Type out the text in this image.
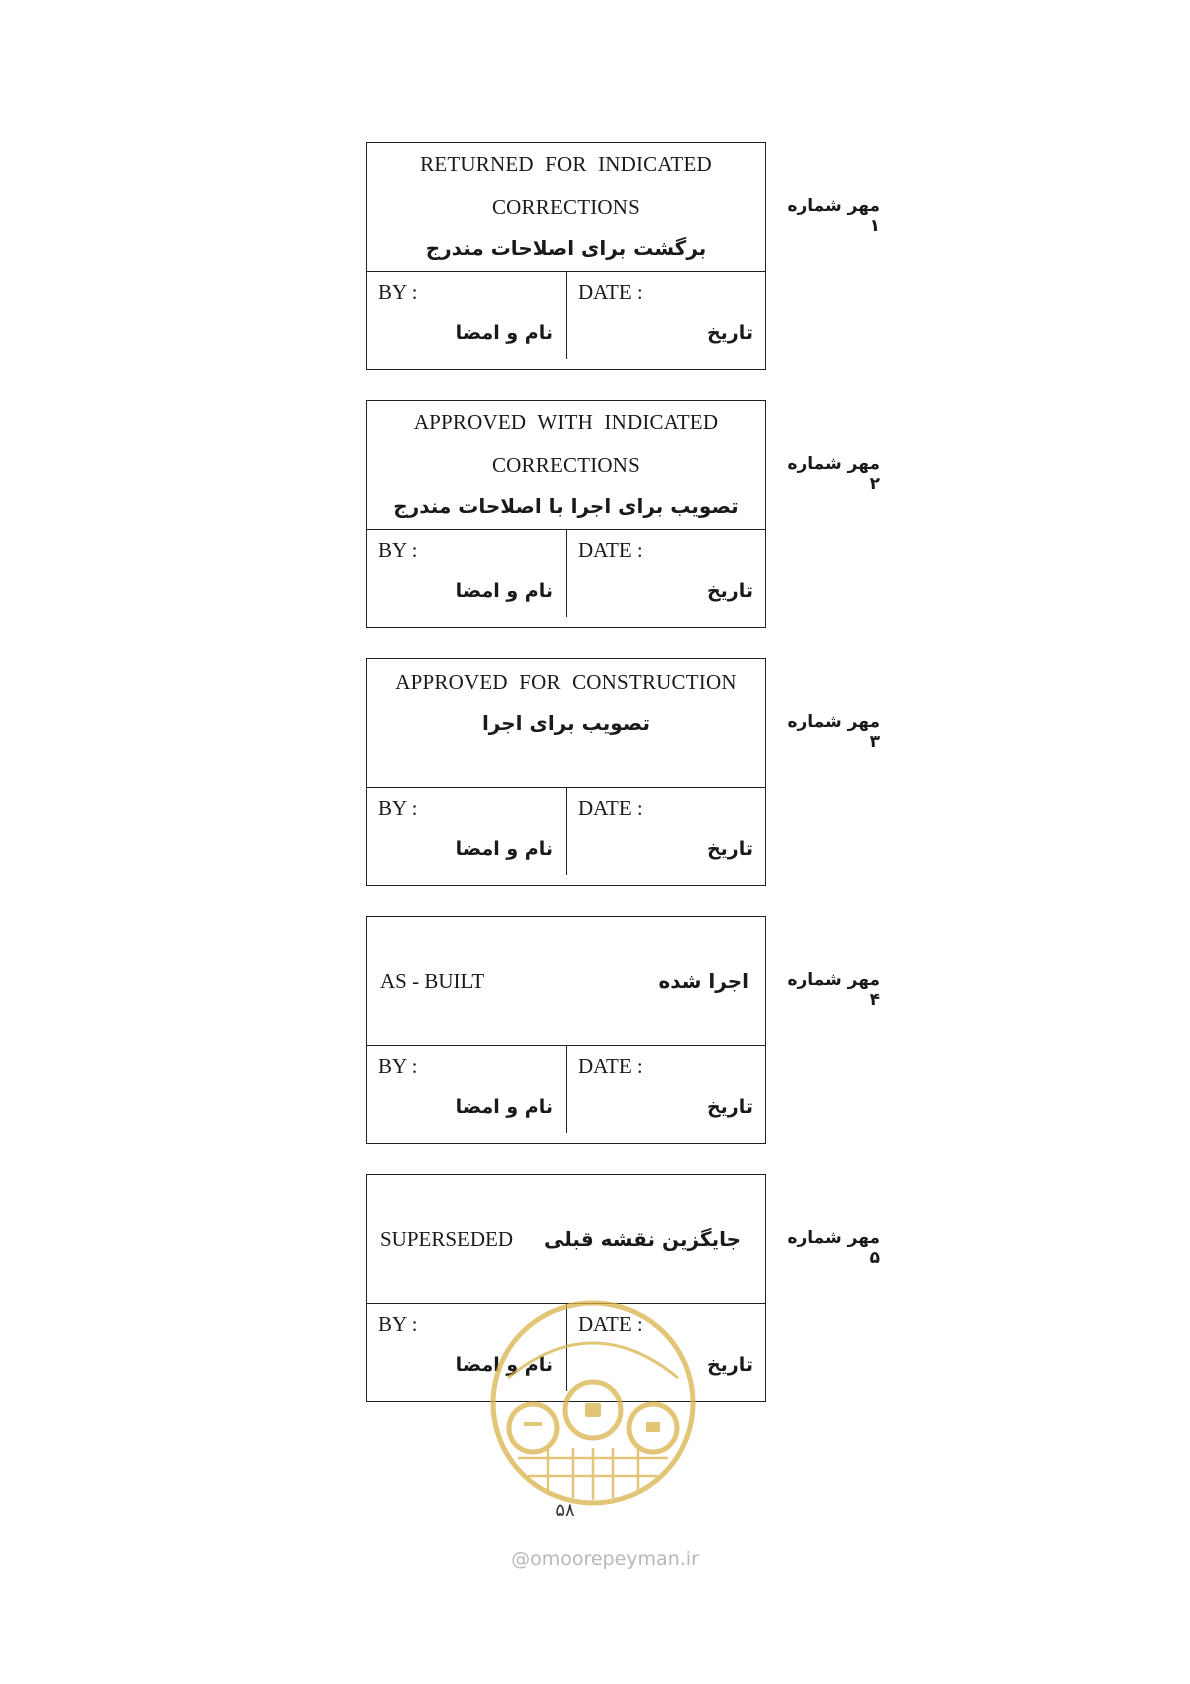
RETURNED FOR INDICATED
CORRECTIONS
برگشت برای اصلاحات مندرج
BY :	DATE :
نام و امضا	تاریخ
مهر شماره ۱
APPROVED WITH INDICATED
CORRECTIONS
تصویب برای اجرا با اصلاحات مندرج
BY :	DATE :
نام و امضا	تاریخ
مهر شماره ۲
APPROVED FOR CONSTRUCTION
تصویب برای اجرا
BY :	DATE :
نام و امضا	تاریخ
مهر شماره ۳
AS - BUILT	اجرا شده
BY :	DATE :
نام و امضا	تاریخ
مهر شماره ۴
SUPERSEDED جایگزین نقشه قبلی
BY :	DATE :
نام و امضا	تاریخ
مهر شماره ۵
۵۸
@omoorepeyman.ir
